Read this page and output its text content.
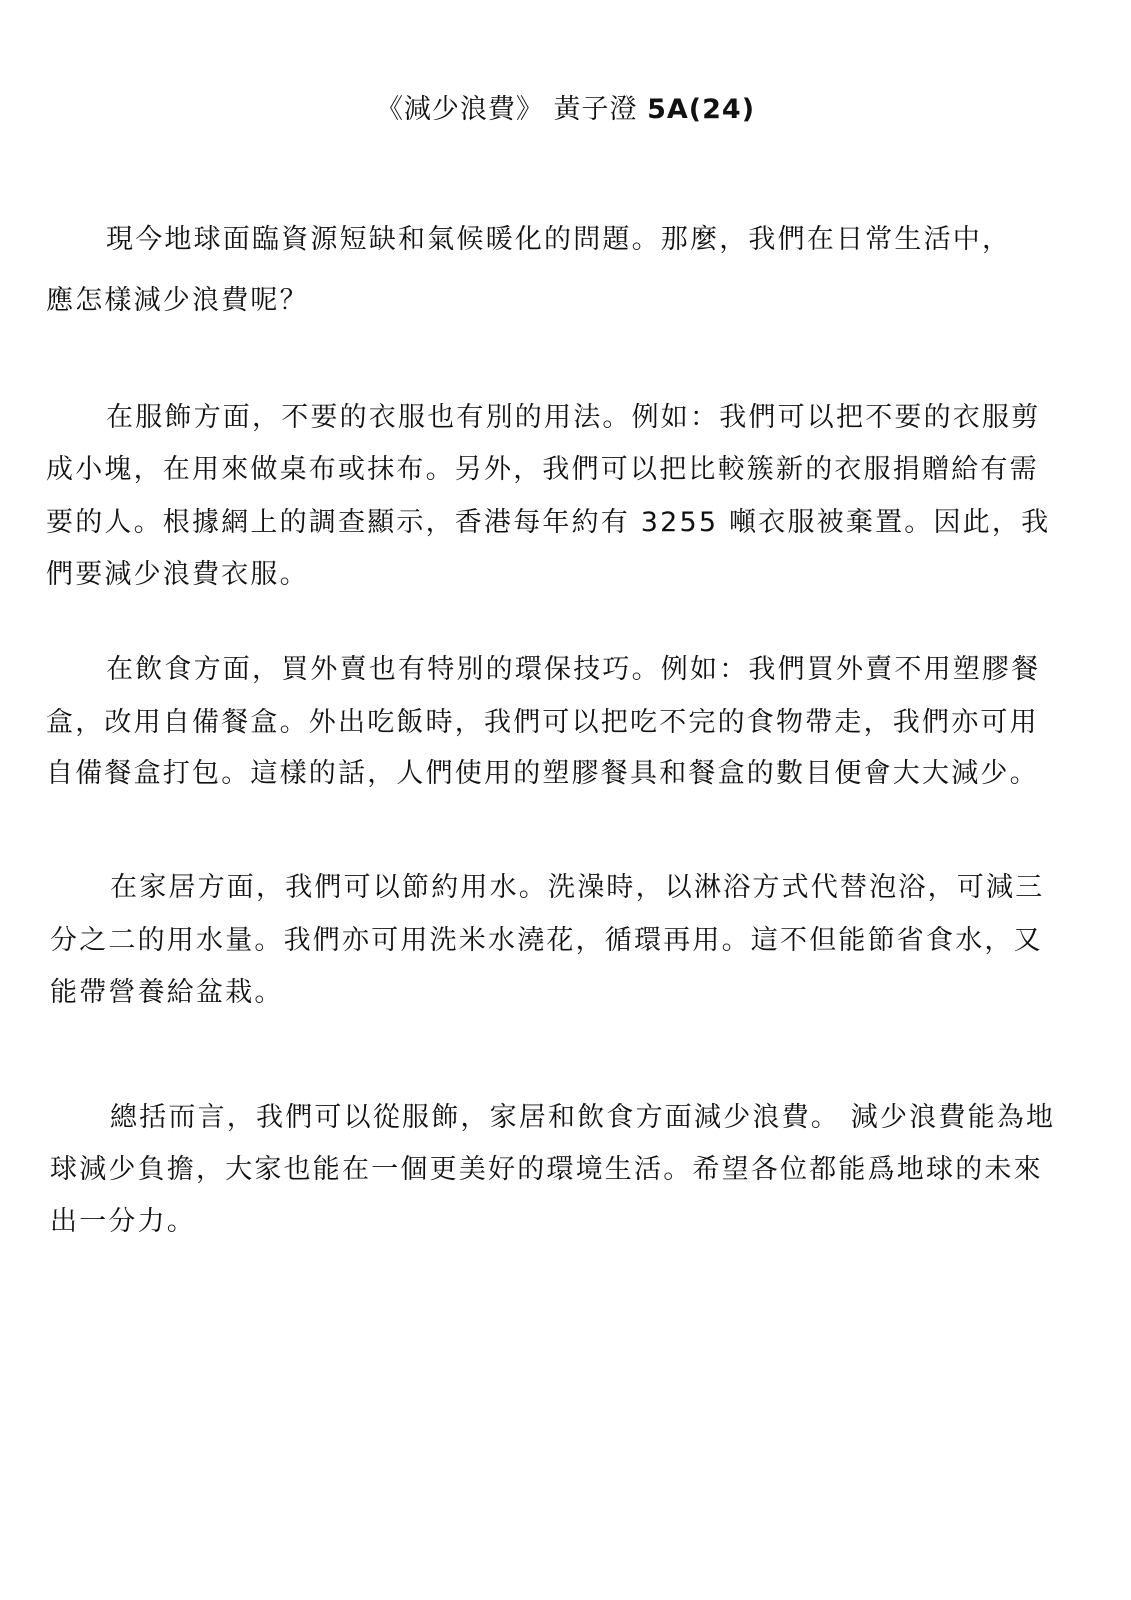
《減少浪費》 黃子澄 5A(24)
現今地球面臨資源短缺和氣候暖化的問題。那麼，我們在日常生活中，
應怎樣減少浪費呢？
在服飾方面，不要的衣服也有別的用法。例如：我們可以把不要的衣服剪
成小塊，在用來做桌布或抹布。另外，我們可以把比較簇新的衣服捐贈給有需
要的人。根據網上的調查顯示，香港每年約有 3255 噸衣服被棄置。因此，我
們要減少浪費衣服。
在飲食方面，買外賣也有特別的環保技巧。例如：我們買外賣不用塑膠餐
盒，改用自備餐盒。外出吃飯時，我們可以把吃不完的食物帶走，我們亦可用
自備餐盒打包。這樣的話，人們使用的塑膠餐具和餐盒的數目便會大大減少。
在家居方面，我們可以節約用水。洗澡時，以淋浴方式代替泡浴，可減三
分之二的用水量。我們亦可用洗米水澆花，循環再用。這不但能節省食水，又
能帶營養給盆栽。
總括而言，我們可以從服飾，家居和飲食方面減少浪費。 減少浪費能為地
球減少負擔，大家也能在一個更美好的環境生活。希望各位都能爲地球的未來
出一分力。
